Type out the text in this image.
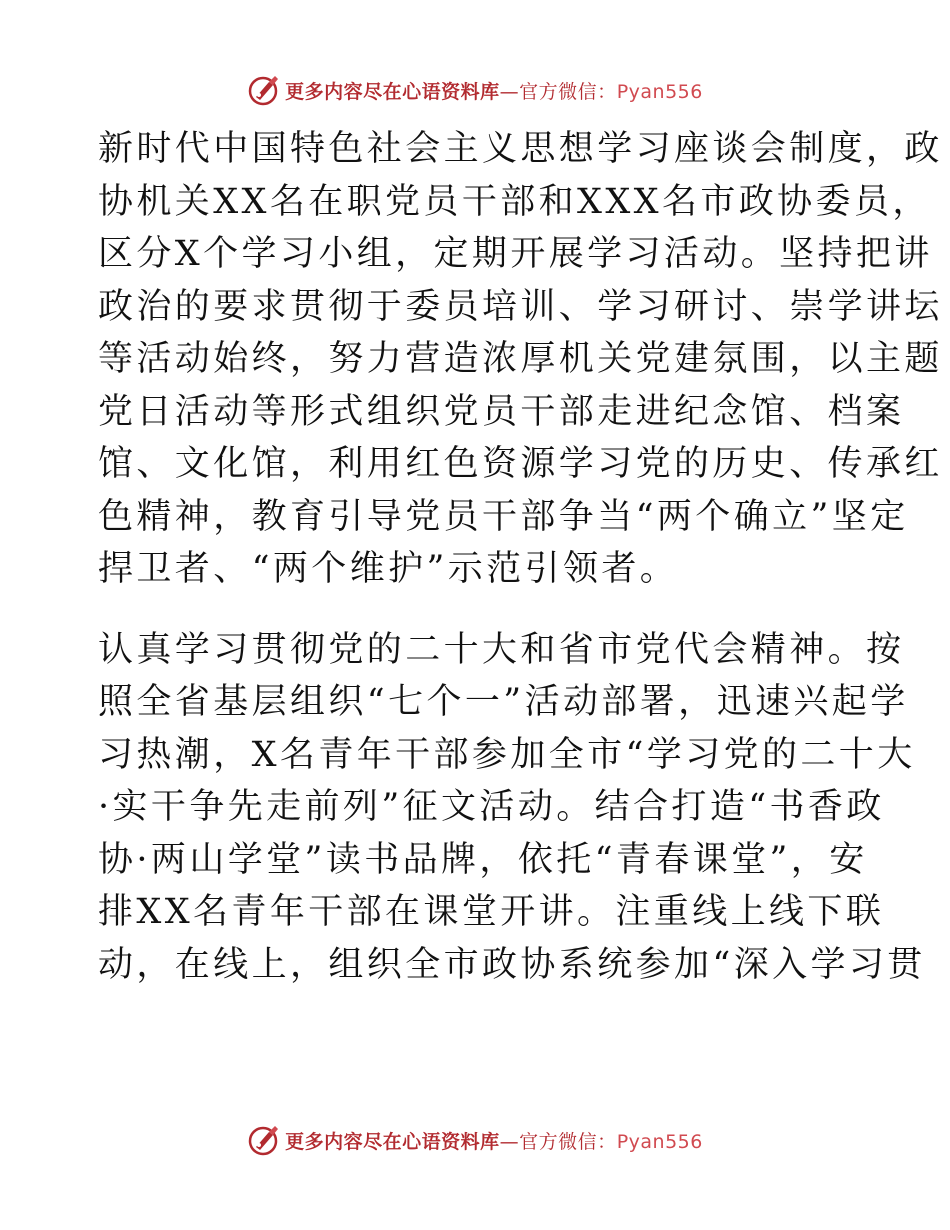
更多内容尽在心语资料库—官方微信：Pyan556

新时代中国特色社会主义思想学习座谈会制度，政
协机关XX名在职党员干部和XXX名市政协委员，
区分X个学习小组，定期开展学习活动。坚持把讲
政治的要求贯彻于委员培训、学习研讨、崇学讲坛
等活动始终，努力营造浓厚机关党建氛围，以主题
党日活动等形式组织党员干部走进纪念馆、档案
馆、文化馆，利用红色资源学习党的历史、传承红
色精神，教育引导党员干部争当“两个确立”坚定
捍卫者、“两个维护”示范引领者。

认真学习贯彻党的二十大和省市党代会精神。按
照全省基层组织“七个一”活动部署，迅速兴起学
习热潮，X名青年干部参加全市“学习党的二十大
·实干争先走前列”征文活动。结合打造“书香政
协·两山学堂”读书品牌，依托“青春课堂”，安
排XX名青年干部在课堂开讲。注重线上线下联
动，在线上，组织全市政协系统参加“深入学习贯

更多内容尽在心语资料库—官方微信：Pyan556
